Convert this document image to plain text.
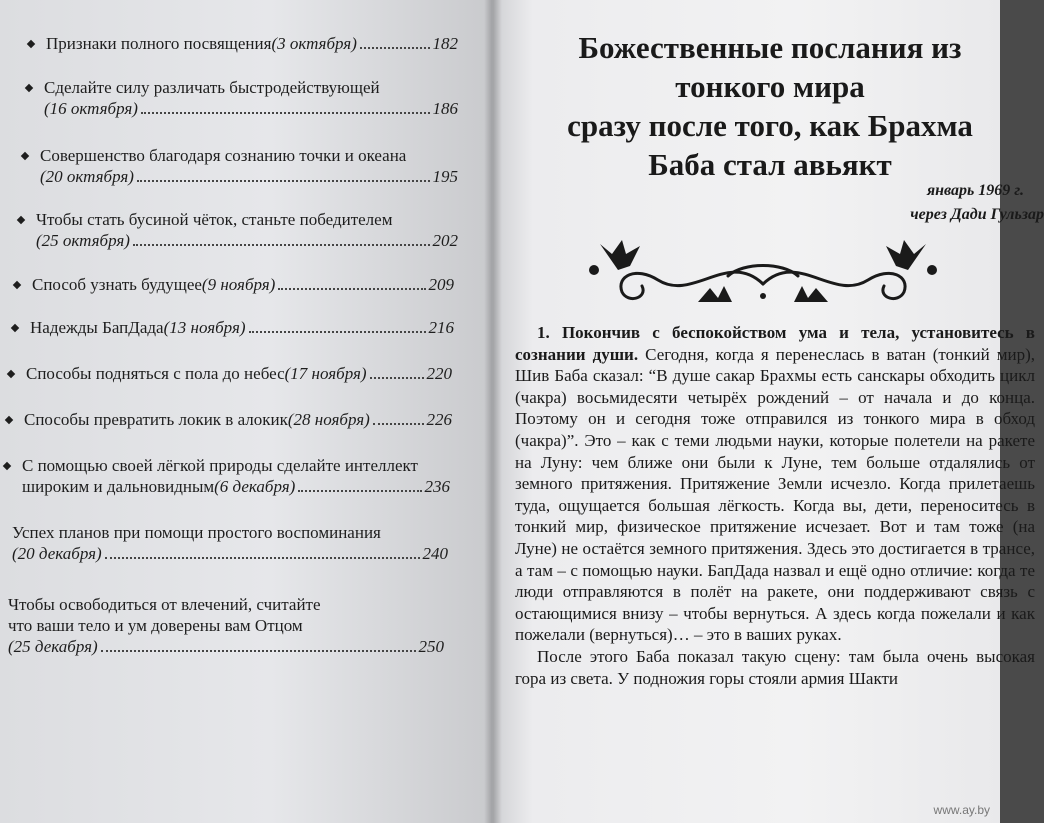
Признаки полного посвящения (3 октября)	182
Сделайте силу различать быстродействующей
(16 октября)	186
Совершенство благодаря сознанию точки и океана
(20 октября)	195
Чтобы стать бусиной чёток, станьте победителем
(25 октября)	202
Способ узнать будущее (9 ноября)	209
Надежды БапДада (13 ноября)	216
Способы подняться с пола до небес (17 ноября)	220
Способы превратить локик в алокик (28 ноября)	226
С помощью своей лёгкой природы сделайте интеллект
широким и дальновидным (6 декабря)	236
Успех планов при помощи простого воспоминания
(20 декабря)	240
Чтобы освободиться от влечений, считайте
что ваши тело и ум доверены вам Отцом
(25 декабря)	250
Божественные послания из
тонкого мира
сразу после того, как Брахма
Баба стал авьякт
январь 1969 г.
через Дади Гульзар

1. Покончив с беспокойством ума и тела, установитесь в сознании души. Сегодня, когда я перенеслась в ватан (тонкий мир), Шив Баба сказал: “В душе сакар Брахмы есть санскары обходить цикл (чакра) восьмидесяти четырёх рождений – от начала и до конца. Поэтому он и сегодня тоже отправился из тонкого мира в обход (чакра)”. Это – как с теми людьми науки, которые полетели на ракете на Луну: чем ближе они были к Луне, тем больше отдалялись от земного притяжения. Притяжение Земли исчезло. Когда прилетаешь туда, ощущается большая лёгкость. Когда вы, дети, переноситесь в тонкий мир, физическое притяжение исчезает. Вот и там тоже (на Луне) не остаётся земного притяжения. Здесь это достигается в трансе, а там – с помощью науки. БапДада назвал и ещё одно отличие: когда те люди отправляются в полёт на ракете, они поддерживают связь с остающимися внизу – чтобы вернуться. А здесь когда пожелали и как пожелали (вернуться)… – это в ваших руках.

После этого Баба показал такую сцену: там была очень высокая гора из света. У подножия горы стояли армия Шакти

www.ay.by
